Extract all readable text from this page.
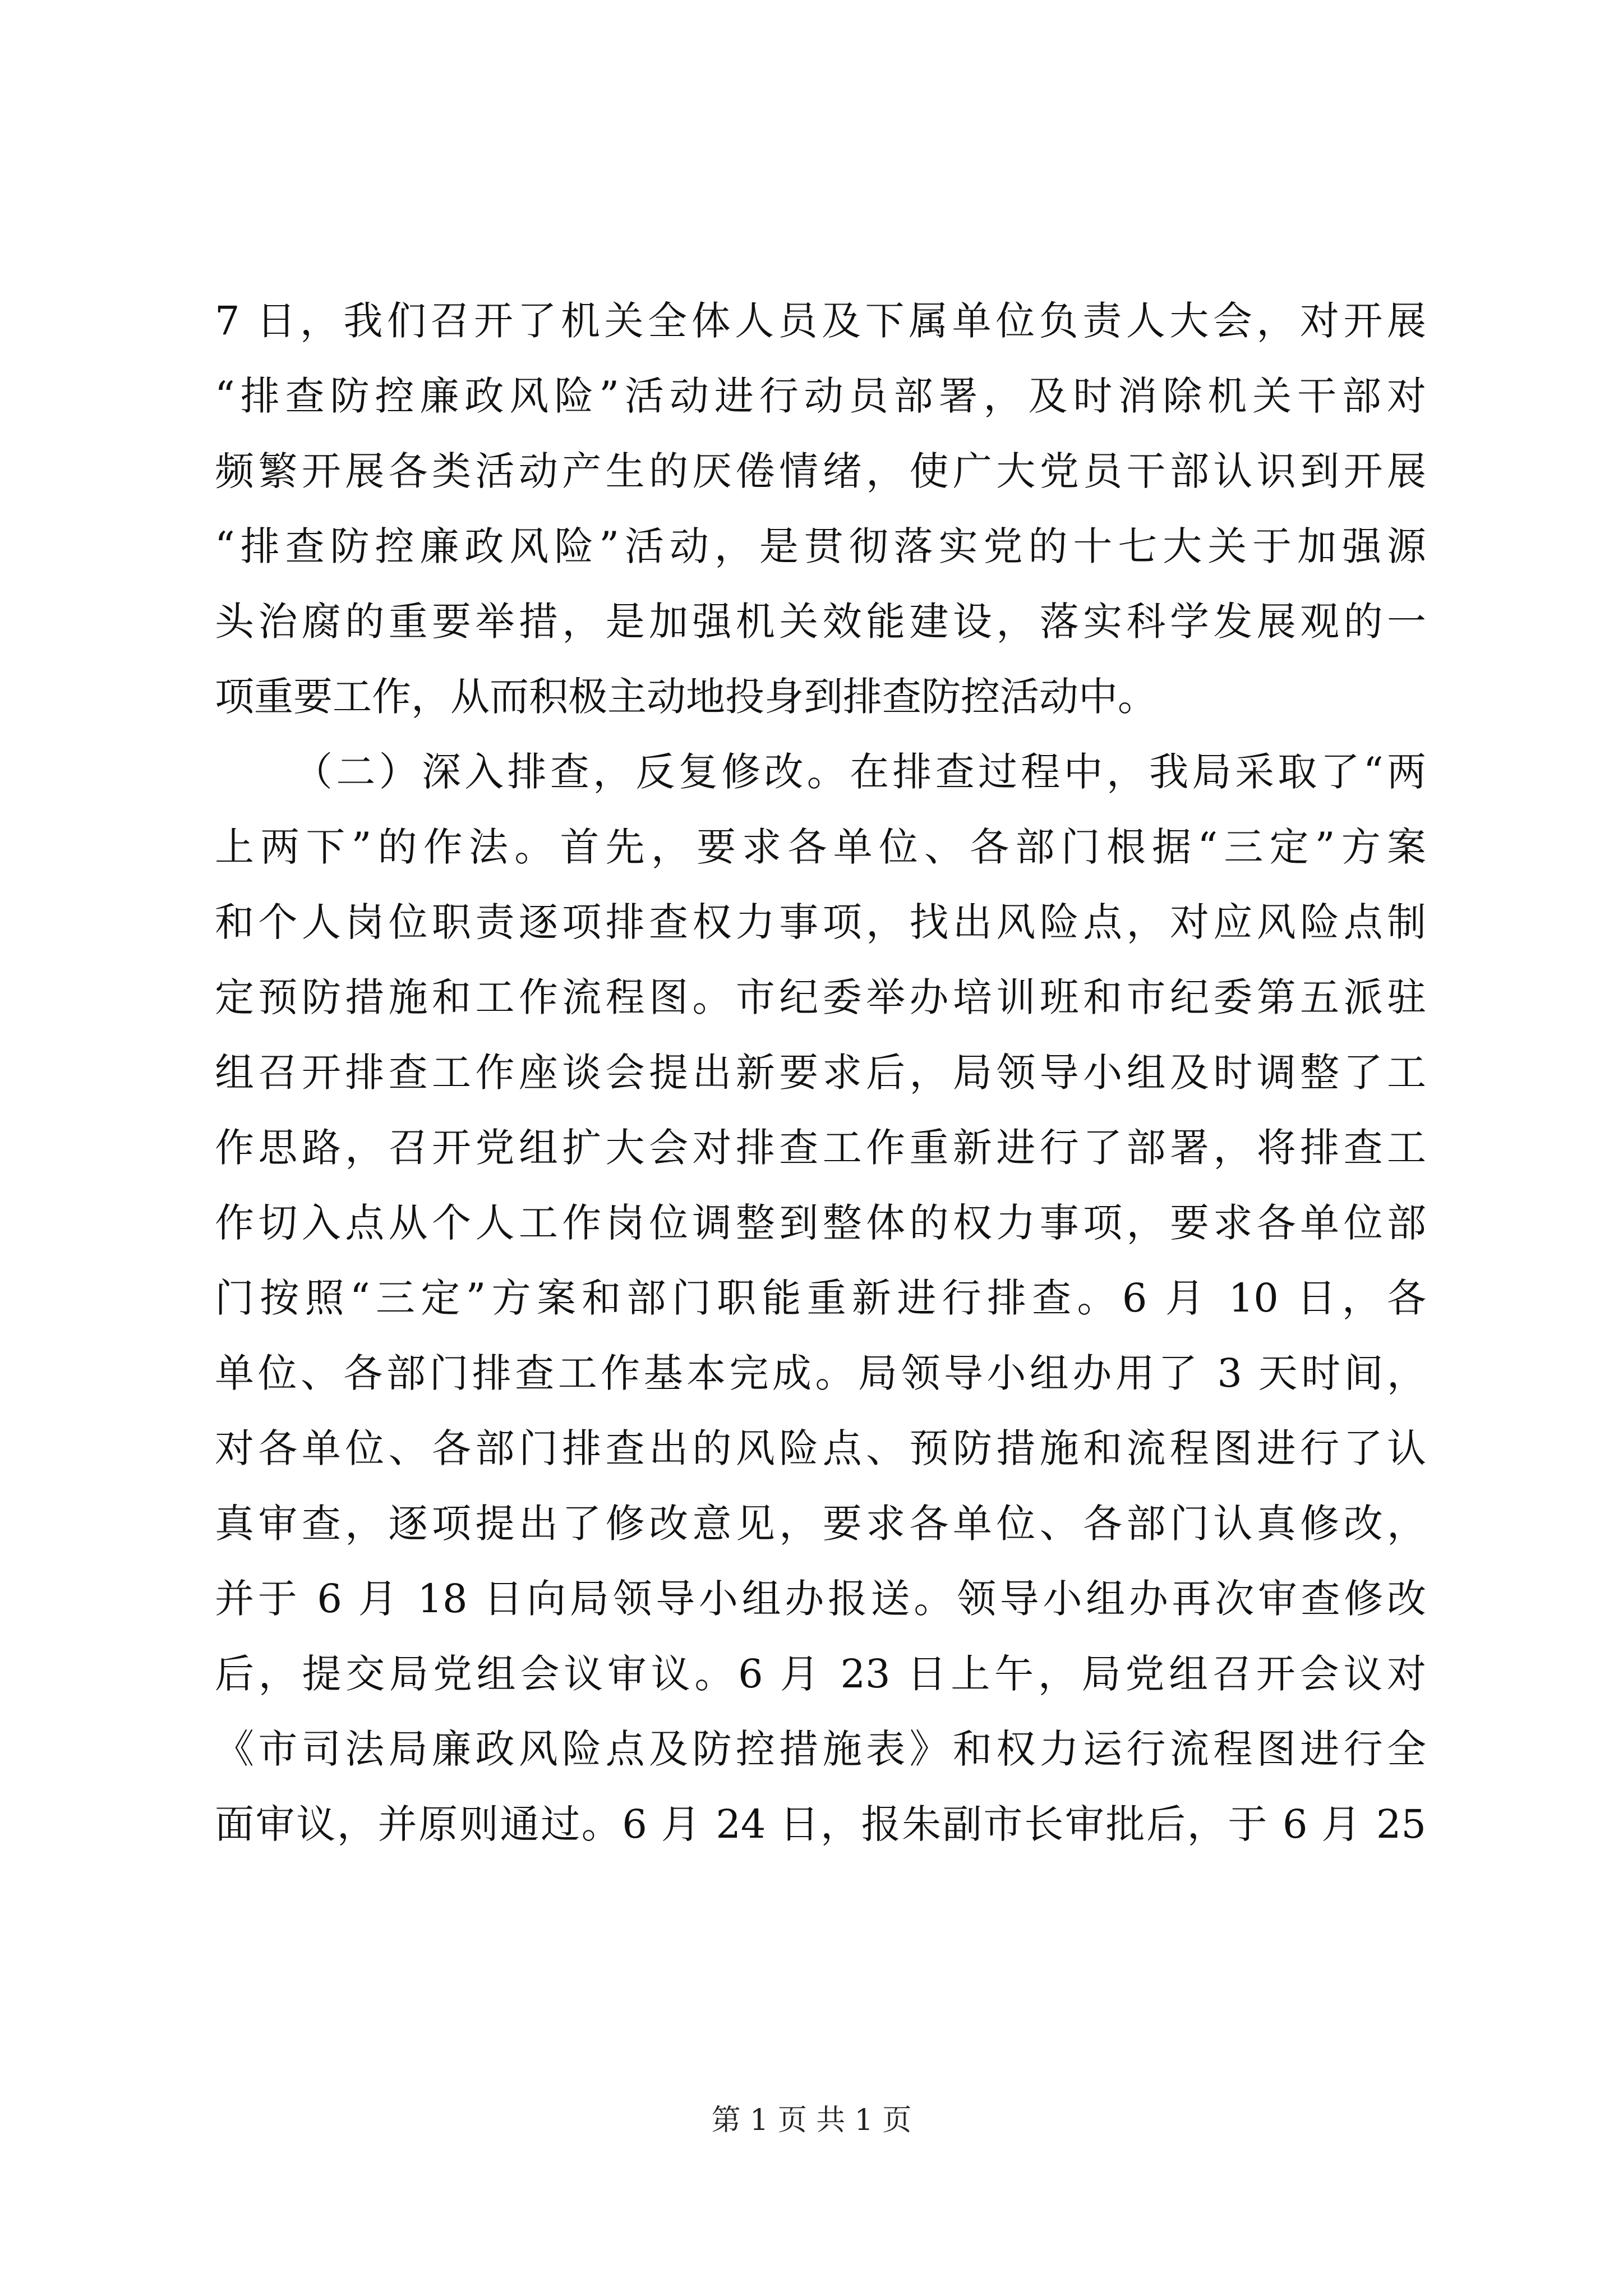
7 日，我们召开了机关全体人员及下属单位负责人大会，对开展
“排查防控廉政风险”活动进行动员部署，及时消除机关干部对
频繁开展各类活动产生的厌倦情绪，使广大党员干部认识到开展
“排查防控廉政风险”活动，是贯彻落实党的十七大关于加强源
头治腐的重要举措，是加强机关效能建设，落实科学发展观的一
项重要工作，从而积极主动地投身到排查防控活动中。
（二）深入排查，反复修改。在排查过程中，我局采取了“两
上两下”的作法。首先，要求各单位、各部门根据“三定”方案
和个人岗位职责逐项排查权力事项，找出风险点，对应风险点制
定预防措施和工作流程图。市纪委举办培训班和市纪委第五派驻
组召开排查工作座谈会提出新要求后，局领导小组及时调整了工
作思路，召开党组扩大会对排查工作重新进行了部署，将排查工
作切入点从个人工作岗位调整到整体的权力事项，要求各单位部
门按照“三定”方案和部门职能重新进行排查。6 月 10 日，各
单位、各部门排查工作基本完成。局领导小组办用了 3 天时间，
对各单位、各部门排查出的风险点、预防措施和流程图进行了认
真审查，逐项提出了修改意见，要求各单位、各部门认真修改，
并于 6 月 18 日向局领导小组办报送。领导小组办再次审查修改
后，提交局党组会议审议。6 月 23 日上午，局党组召开会议对
《市司法局廉政风险点及防控措施表》和权力运行流程图进行全
面审议，并原则通过。6 月 24 日，报朱副市长审批后，于 6 月 25
第 1 页 共 1 页
